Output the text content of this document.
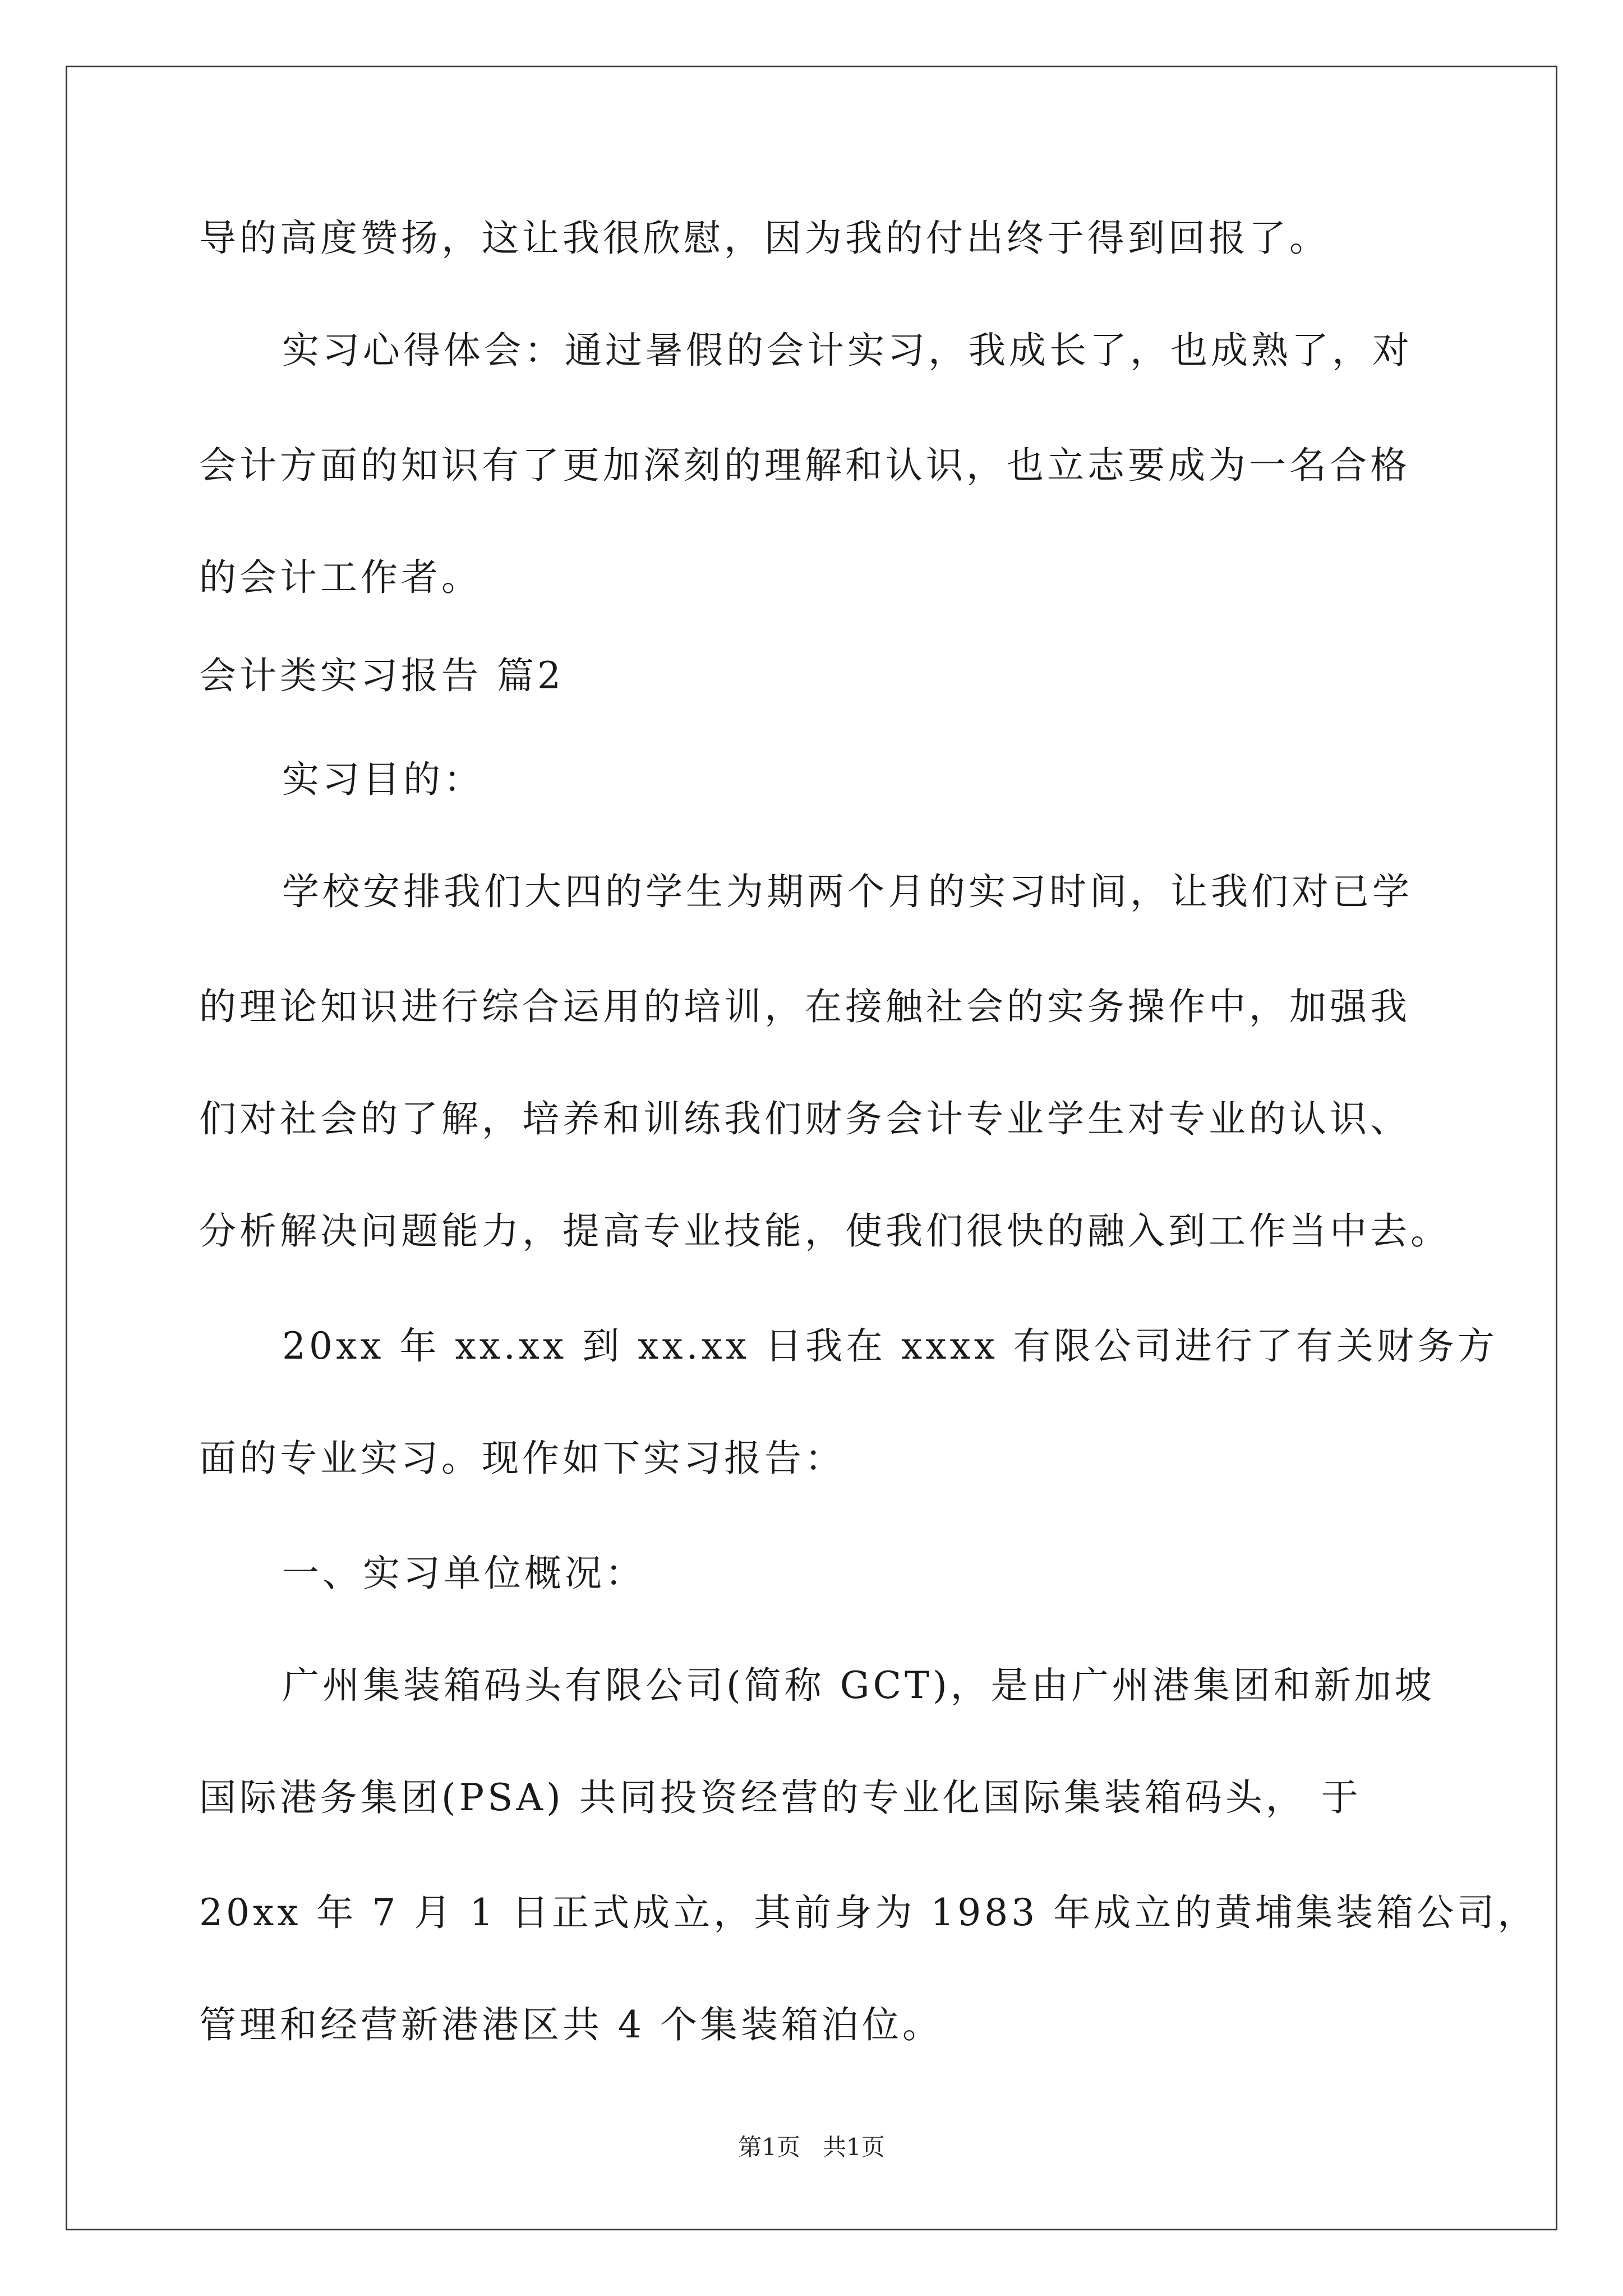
导的高度赞扬，这让我很欣慰，因为我的付出终于得到回报了。
实习心得体会：通过暑假的会计实习，我成长了，也成熟了，对
会计方面的知识有了更加深刻的理解和认识，也立志要成为一名合格
的会计工作者。
会计类实习报告 篇2
实习目的：
学校安排我们大四的学生为期两个月的实习时间，让我们对已学
的理论知识进行综合运用的培训，在接触社会的实务操作中，加强我
们对社会的了解，培养和训练我们财务会计专业学生对专业的认识、
分析解决问题能力，提高专业技能，使我们很快的融入到工作当中去。
20xx 年 xx.xx 到 xx.xx 日我在 xxxx 有限公司进行了有关财务方
面的专业实习。现作如下实习报告：
一、实习单位概况：
广州集装箱码头有限公司(简称 GCT)，是由广州港集团和新加坡
国际港务集团(PSA) 共同投资经营的专业化国际集装箱码头， 于
20xx 年 7 月 1 日正式成立，其前身为 1983 年成立的黄埔集装箱公司，
管理和经营新港港区共 4 个集装箱泊位。
第1页 共1页
